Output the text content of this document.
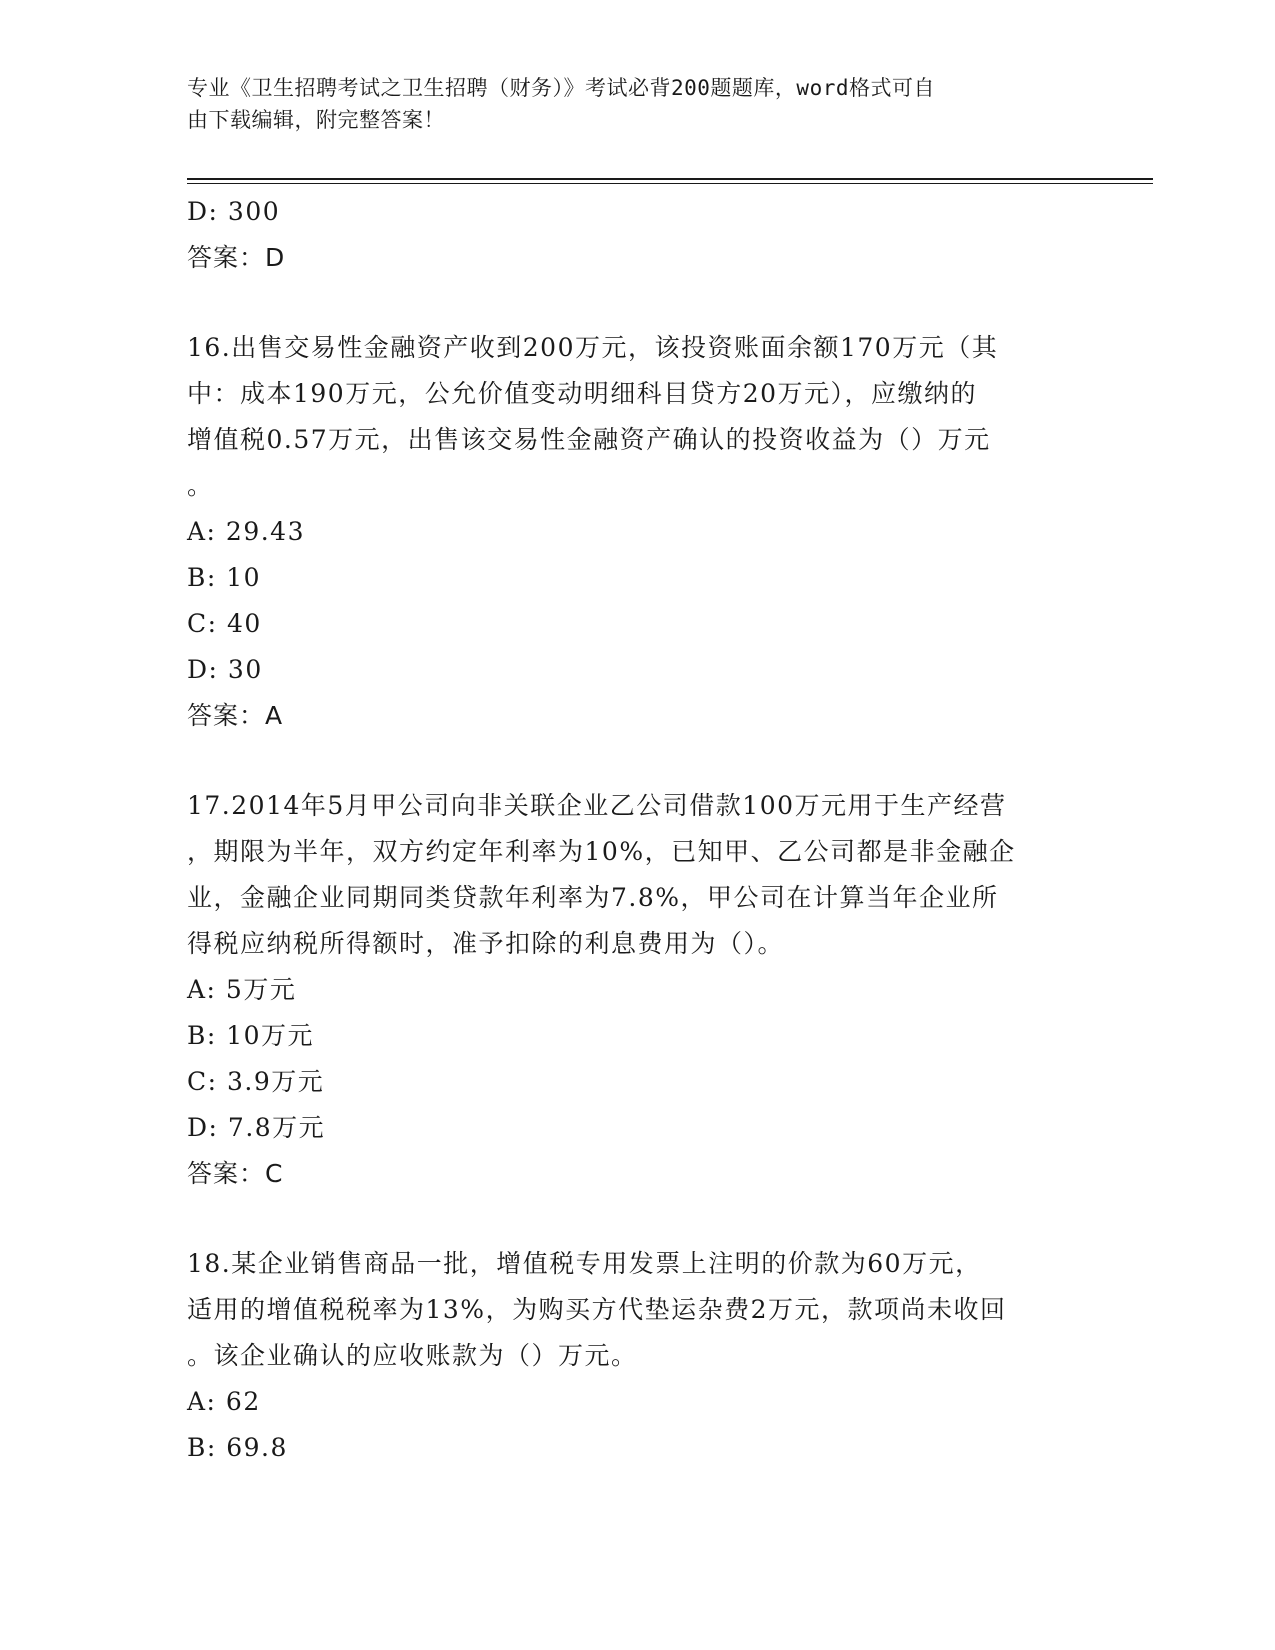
专业《卫生招聘考试之卫生招聘（财务）》考试必背200题题库，word格式可自
由下载编辑，附完整答案！
D: 300
答案：D
16.出售交易性金融资产收到200万元，该投资账面余额170万元（其
中：成本190万元，公允价值变动明细科目贷方20万元），应缴纳的
增值税0.57万元，出售该交易性金融资产确认的投资收益为（）万元
。
A: 29.43
B: 10
C: 40
D: 30
答案：A
17.2014年5月甲公司向非关联企业乙公司借款100万元用于生产经营
，期限为半年，双方约定年利率为10%，已知甲、乙公司都是非金融企
业，金融企业同期同类贷款年利率为7.8%，甲公司在计算当年企业所
得税应纳税所得额时，准予扣除的利息费用为（）。
A: 5万元
B: 10万元
C: 3.9万元
D: 7.8万元
答案：C
18.某企业销售商品一批，增值税专用发票上注明的价款为60万元，
适用的增值税税率为13%，为购买方代垫运杂费2万元，款项尚未收回
。该企业确认的应收账款为（）万元。
A: 62
B: 69.8
